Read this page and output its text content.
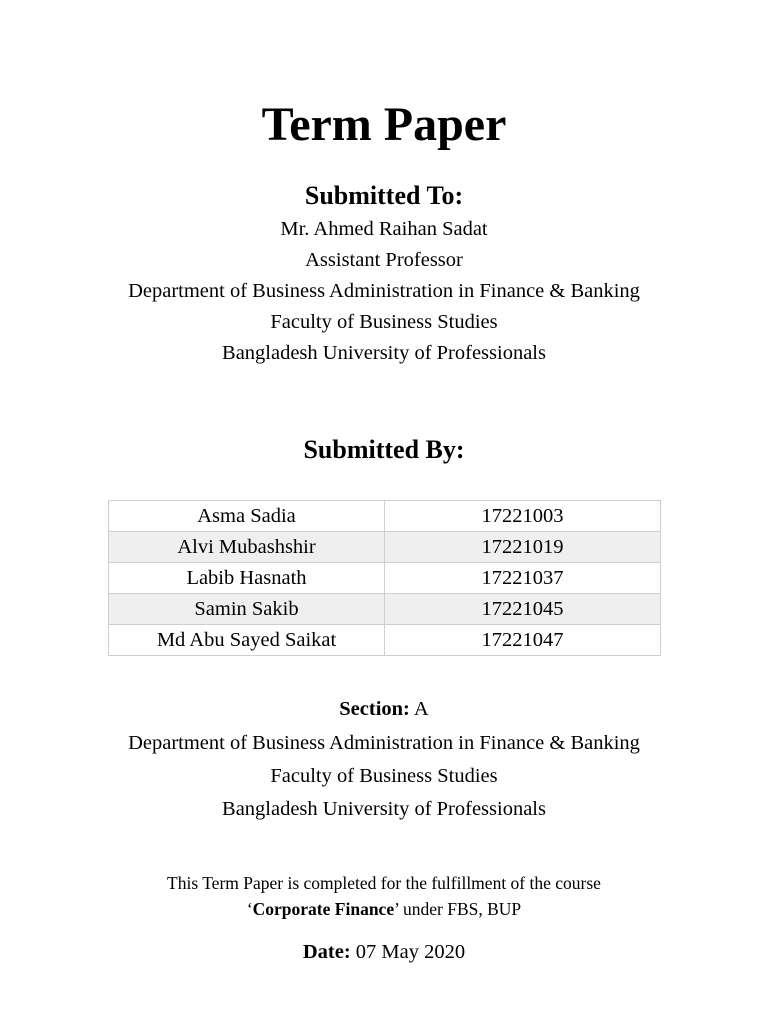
Term Paper
Submitted To:
Mr. Ahmed Raihan Sadat
Assistant Professor
Department of Business Administration in Finance & Banking
Faculty of Business Studies
Bangladesh University of Professionals
Submitted By:
Asma Sadia	17221003
Alvi Mubashshir	17221019
Labib Hasnath	17221037
Samin Sakib	17221045
Md Abu Sayed Saikat	17221047
Section: A
Department of Business Administration in Finance & Banking
Faculty of Business Studies
Bangladesh University of Professionals
This Term Paper is completed for the fulfillment of the course
‘Corporate Finance’ under FBS, BUP
Date: 07 May 2020
